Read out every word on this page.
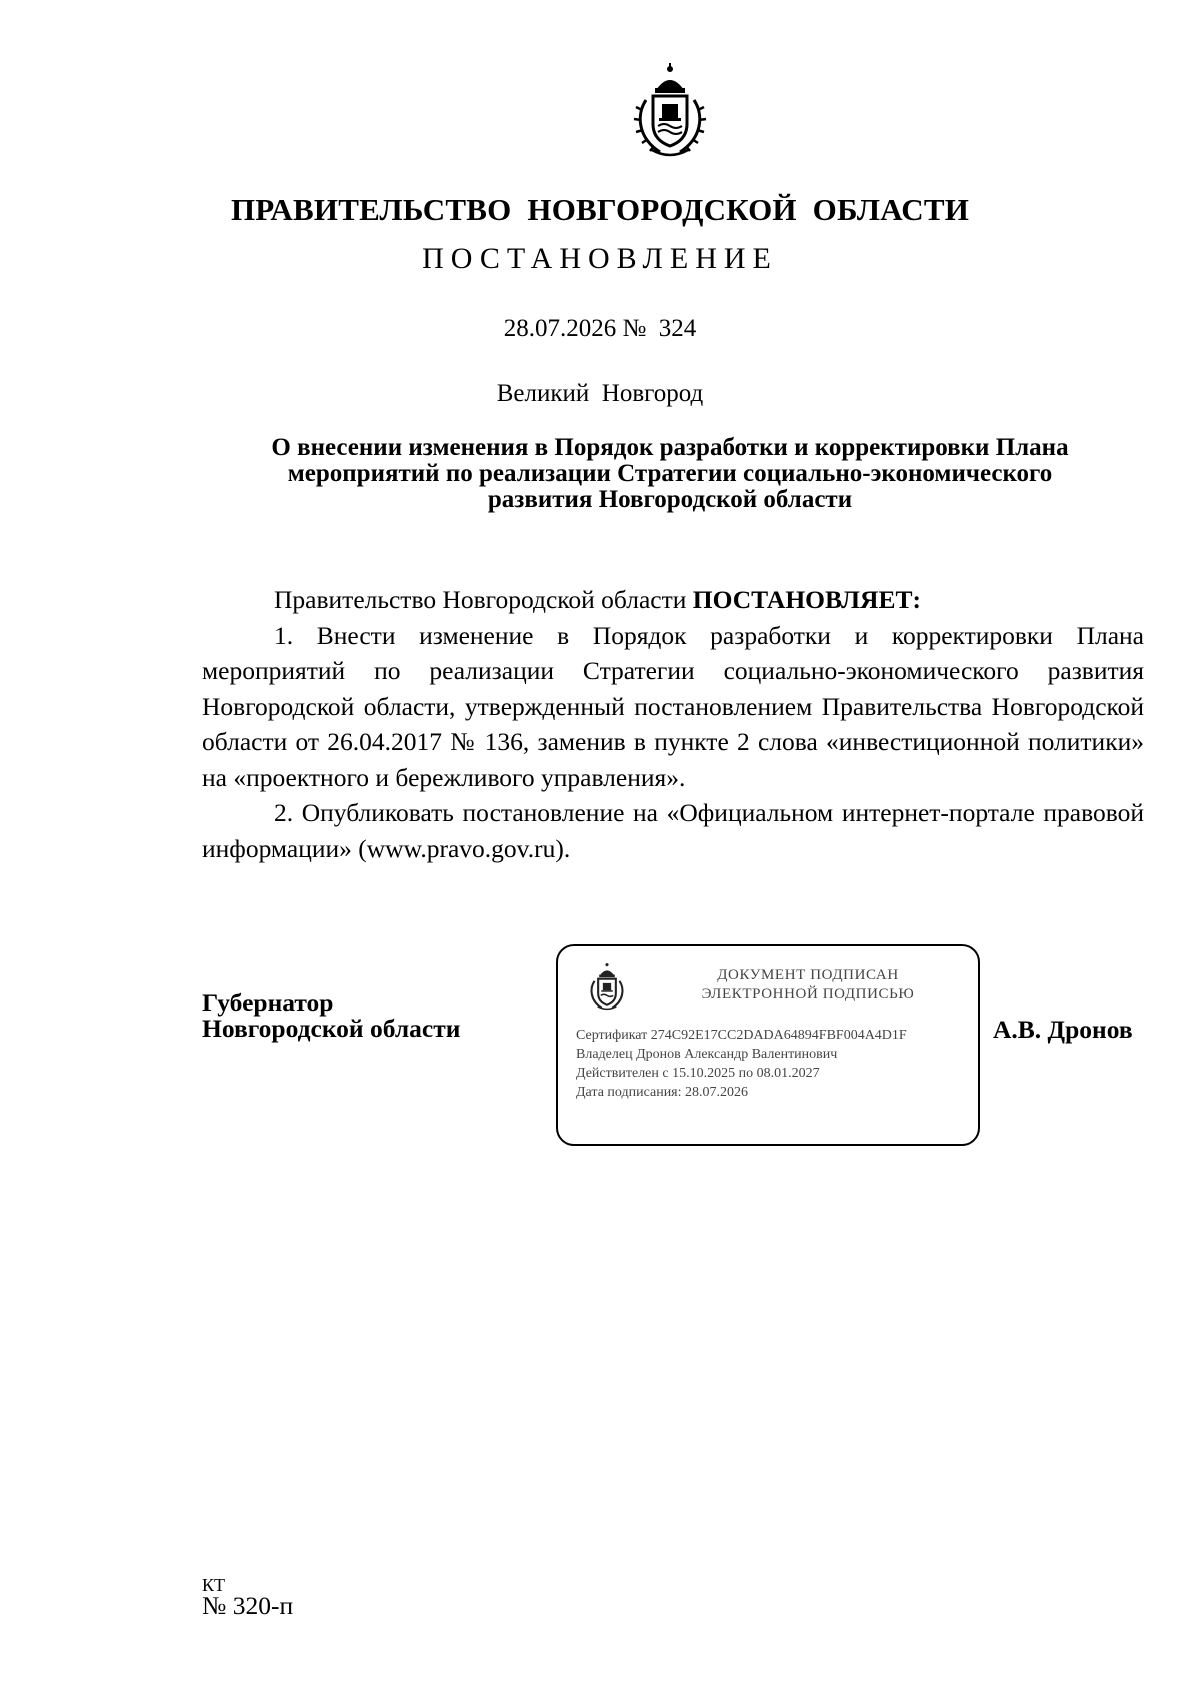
ПРАВИТЕЛЬСТВО НОВГОРОДСКОЙ ОБЛАСТИ
ПОСТАНОВЛЕНИЕ
28.07.2026 №  324
Великий  Новгород
О внесении изменения в Порядок разработки и корректировки Плана
мероприятий по реализации Стратегии социально-экономического
развития Новгородской области

Правительство Новгородской области ПОСТАНОВЛЯЕТ:

1. Внести изменение в Порядок разработки и корректировки Плана мероприятий по реализации Стратегии социально-экономического развития Новгородской области, утвержденный постановлением Правительства Новгородской области от 26.04.2017 № 136, заменив в пункте 2 слова «инвестиционной политики» на «проектного и бережливого управления».

2. Опубликовать постановление на «Официальном интернет-портале правовой информации» (www.pravo.gov.ru).

Губернатор
Новгородской области
ДОКУМЕНТ ПОДПИСАН
ЭЛЕКТРОННОЙ ПОДПИСЬЮ
Сертификат 274C92E17CC2DADA64894FBF004A4D1F
Владелец Дронов Александр Валентинович
Действителен с 15.10.2025 по 08.01.2027
Дата подписания: 28.07.2026
А.В. Дронов
КТ
№ 320-п
